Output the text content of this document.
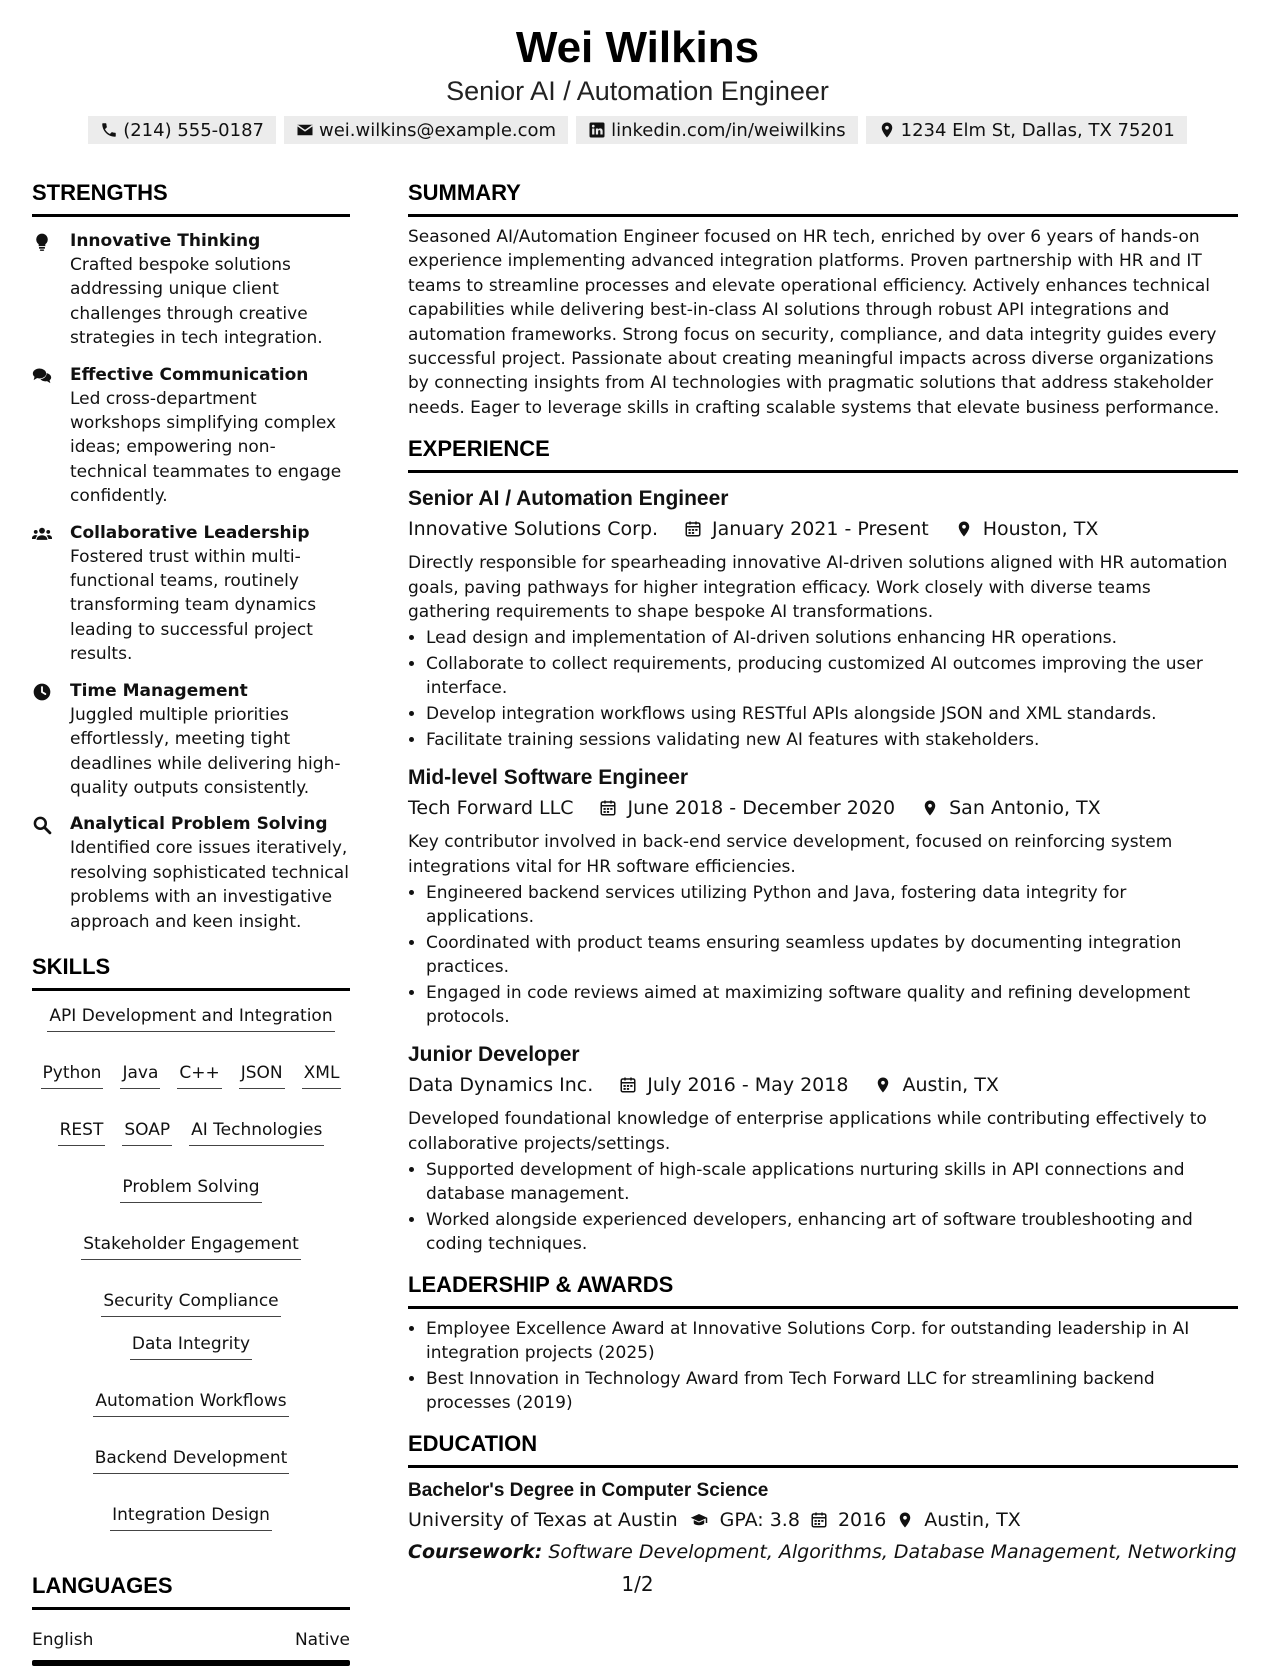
Wei Wilkins
Senior AI / Automation Engineer
(214) 555-0187	wei.wilkins@example.com	linkedin.com/in/weiwilkins	1234 Elm St, Dallas, TX 75201
STRENGTHS
Innovative Thinking
Crafted bespoke solutions addressing unique client challenges through creative strategies in tech integration.
Effective Communication
Led cross-department workshops simplifying complex ideas; empowering non-technical teammates to engage confidently.
Collaborative Leadership
Fostered trust within multi-functional teams, routinely transforming team dynamics leading to successful project results.
Time Management
Juggled multiple priorities effortlessly, meeting tight deadlines while delivering high-quality outputs consistently.
Analytical Problem Solving
Identified core issues iteratively, resolving sophisticated technical problems with an investigative approach and keen insight.
SKILLS
API Development and Integration
Python Java C++ JSON XML
REST SOAP AI Technologies
Problem Solving
Stakeholder Engagement
Security Compliance
Data Integrity
Automation Workflows
Backend Development
Integration Design
LANGUAGES
English	Native
SUMMARY
Seasoned AI/Automation Engineer focused on HR tech, enriched by over 6 years of hands-on experience implementing advanced integration platforms. Proven partnership with HR and IT teams to streamline processes and elevate operational efficiency. Actively enhances technical capabilities while delivering best-in-class AI solutions through robust API integrations and automation frameworks. Strong focus on security, compliance, and data integrity guides every successful project. Passionate about creating meaningful impacts across diverse organizations by connecting insights from AI technologies with pragmatic solutions that address stakeholder needs. Eager to leverage skills in crafting scalable systems that elevate business performance.
EXPERIENCE
Senior AI / Automation Engineer
Innovative Solutions Corp.	January 2021 - Present	Houston, TX
Directly responsible for spearheading innovative AI-driven solutions aligned with HR automation goals, paving pathways for higher integration efficacy. Work closely with diverse teams gathering requirements to shape bespoke AI transformations.
• Lead design and implementation of AI-driven solutions enhancing HR operations.
• Collaborate to collect requirements, producing customized AI outcomes improving the user interface.
• Develop integration workflows using RESTful APIs alongside JSON and XML standards.
• Facilitate training sessions validating new AI features with stakeholders.
Mid-level Software Engineer
Tech Forward LLC	June 2018 - December 2020	San Antonio, TX
Key contributor involved in back-end service development, focused on reinforcing system integrations vital for HR software efficiencies.
• Engineered backend services utilizing Python and Java, fostering data integrity for applications.
• Coordinated with product teams ensuring seamless updates by documenting integration practices.
• Engaged in code reviews aimed at maximizing software quality and refining development protocols.
Junior Developer
Data Dynamics Inc.	July 2016 - May 2018	Austin, TX
Developed foundational knowledge of enterprise applications while contributing effectively to collaborative projects/settings.
• Supported development of high-scale applications nurturing skills in API connections and database management.
• Worked alongside experienced developers, enhancing art of software troubleshooting and coding techniques.
LEADERSHIP & AWARDS
• Employee Excellence Award at Innovative Solutions Corp. for outstanding leadership in AI integration projects (2025)
• Best Innovation in Technology Award from Tech Forward LLC for streamlining backend processes (2019)
EDUCATION
Bachelor's Degree in Computer Science
University of Texas at Austin GPA: 3.8 2016 Austin, TX
Coursework: Software Development, Algorithms, Database Management, Networking
1/2
